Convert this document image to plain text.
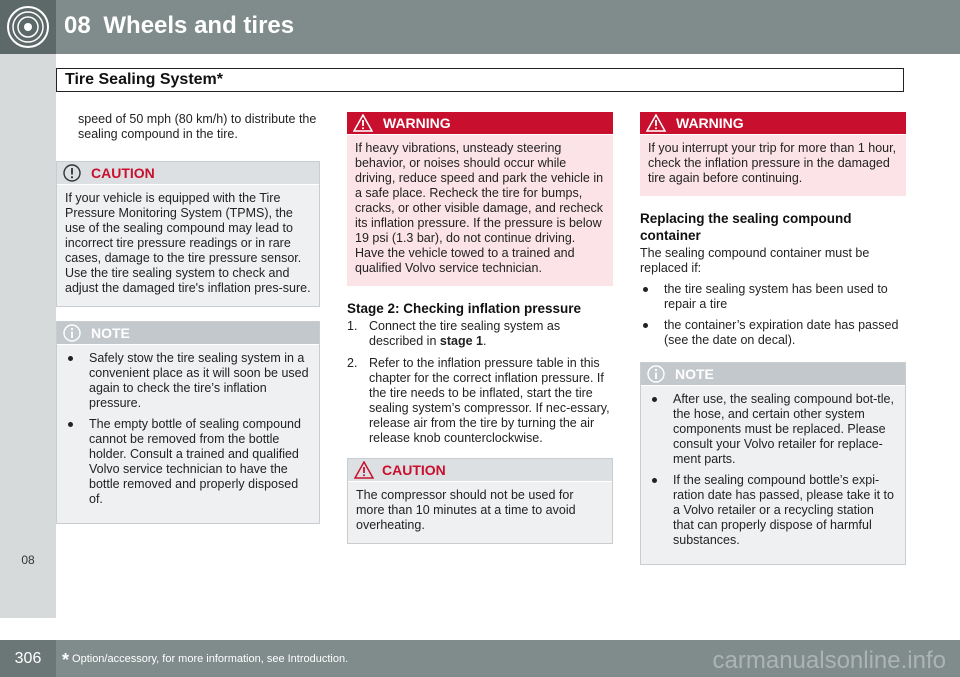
08 Wheels and tires
Tire Sealing System*
08

speed of 50 mph (80 km/h) to distribute the sealing compound in the tire.

CAUTION

If your vehicle is equipped with the Tire Pressure Monitoring System (TPMS), the use of the sealing compound may lead to incorrect tire pressure readings or in rare cases, damage to the tire pressure sensor. Use the tire sealing system to check and adjust the damaged tire's inflation pres-sure.

NOTE
Safely stow the tire sealing system in a convenient place as it will soon be used again to check the tire’s inflation pressure.
The empty bottle of sealing compound cannot be removed from the bottle holder. Consult a trained and qualified Volvo service technician to have the bottle removed and properly disposed of.
WARNING

If heavy vibrations, unsteady steering behavior, or noises should occur while driving, reduce speed and park the vehicle in a safe place. Recheck the tire for bumps, cracks, or other visible damage, and recheck its inflation pressure. If the pressure is below 19 psi (1.3 bar), do not continue driving. Have the vehicle towed to a trained and qualified Volvo service technician.

Stage 2: Checking inflation pressure
1. Connect the tire sealing system as described in stage 1.
2. Refer to the inflation pressure table in this chapter for the correct inflation pressure. If the tire needs to be inflated, start the tire sealing system’s compressor. If nec-essary, release air from the tire by turning the air release knob counterclockwise.
CAUTION

The compressor should not be used for more than 10 minutes at a time to avoid overheating.

WARNING

If you interrupt your trip for more than 1 hour, check the inflation pressure in the damaged tire again before continuing.

Replacing the sealing compound container

The sealing compound container must be replaced if:

the tire sealing system has been used to repair a tire
the container’s expiration date has passed (see the date on decal).
NOTE
After use, the sealing compound bot-tle, the hose, and certain other system components must be replaced. Please consult your Volvo retailer for replace-ment parts.
If the sealing compound bottle’s expi-ration date has passed, please take it to a Volvo retailer or a recycling station that can properly dispose of harmful substances.
306	* Option/accessory, for more information, see Introduction.	carmanualsonline.info
